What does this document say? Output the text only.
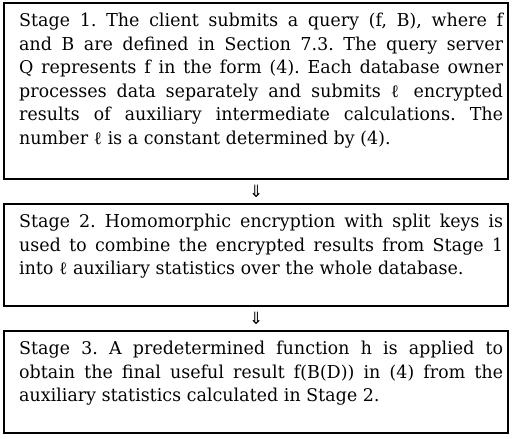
Stage 1. The client submits a query (f, B), where f
and B are defined in Section 7.3. The query server
Q represents f in the form (4). Each database owner
processes data separately and submits ℓ encrypted
results of auxiliary intermediate calculations. The
number ℓ is a constant determined by (4).
⇓
Stage 2. Homomorphic encryption with split keys is
used to combine the encrypted results from Stage 1
into ℓ auxiliary statistics over the whole database.
⇓
Stage 3. A predetermined function h is applied to
obtain the final useful result f(B(D)) in (4) from the
auxiliary statistics calculated in Stage 2.
